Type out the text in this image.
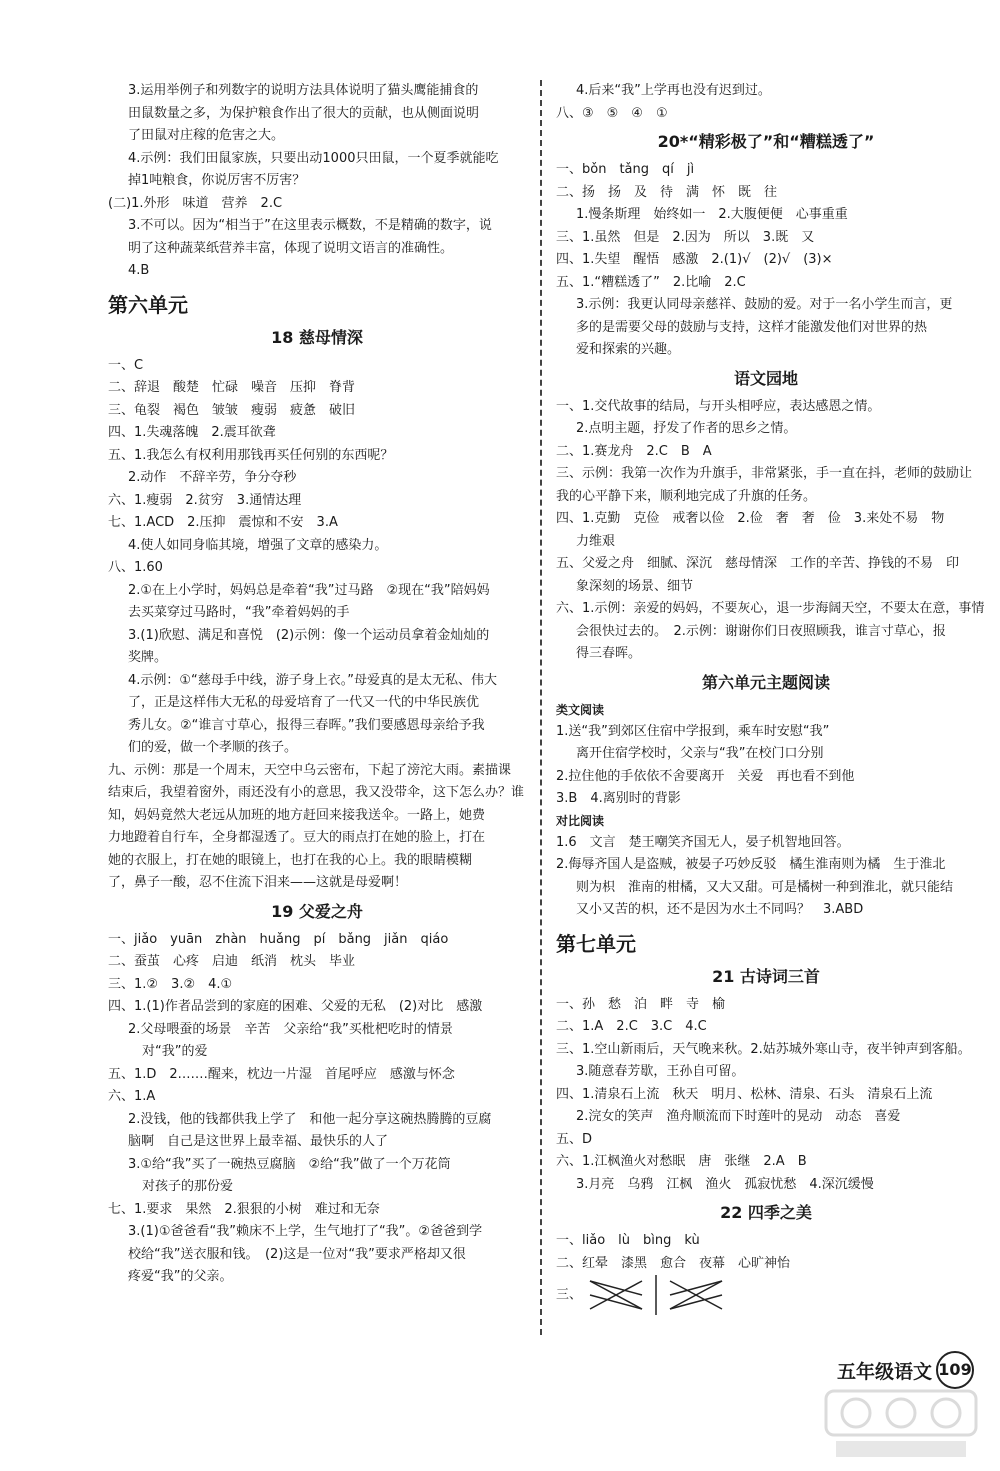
3.运用举例子和列数字的说明方法具体说明了猫头鹰能捕食的
田鼠数量之多，为保护粮食作出了很大的贡献，也从侧面说明
了田鼠对庄稼的危害之大。
4.示例：我们田鼠家族，只要出动1000只田鼠，一个夏季就能吃
掉1吨粮食，你说厉害不厉害？
(二)1.外形　味道　营养　2.C
3.不可以。因为“相当于”在这里表示概数，不是精确的数字，说
明了这种蔬菜纸营养丰富，体现了说明文语言的准确性。
4.B
第六单元
18 慈母情深
一、C
二、辞退　酸楚　忙碌　噪音　压抑　脊背
三、龟裂　褐色　皱皱　瘦弱　疲惫　破旧
四、1.失魂落魄　2.震耳欲聋
五、1.我怎么有权利用那钱再买任何别的东西呢？
2.动作　不辞辛劳，争分夺秒
六、1.瘦弱　2.贫穷　3.通情达理
七、1.ACD　2.压抑　震惊和不安　3.A
4.使人如同身临其境，增强了文章的感染力。
八、1.60
2.①在上小学时，妈妈总是牵着“我”过马路　②现在“我”陪妈妈
去买菜穿过马路时，“我”牵着妈妈的手
3.(1)欣慰、满足和喜悦　(2)示例：像一个运动员拿着金灿灿的
奖牌。
4.示例：①“慈母手中线，游子身上衣。”母爱真的是太无私、伟大
了，正是这样伟大无私的母爱培育了一代又一代的中华民族优
秀儿女。②“谁言寸草心，报得三春晖。”我们要感恩母亲给予我
们的爱，做一个孝顺的孩子。
九、示例：那是一个周末，天空中乌云密布，下起了滂沱大雨。素描课
结束后，我望着窗外，雨还没有小的意思，我又没带伞，这下怎么办？谁
知，妈妈竟然大老远从加班的地方赶回来接我送伞。一路上，她费
力地蹬着自行车，全身都湿透了。豆大的雨点打在她的脸上，打在
她的衣服上，打在她的眼镜上，也打在我的心上。我的眼睛模糊
了，鼻子一酸，忍不住流下泪来——这就是母爱啊！
19 父爱之舟
一、jiǎo　yuān　zhàn　huǎng　pí　bǎng　jiǎn　qiáo
二、蚕茧　心疼　启迪　纸消　枕头　毕业
三、1.②　3.②　4.①
四、1.(1)作者品尝到的家庭的困难、父爱的无私　(2)对比　感激
2.父母喂蚕的场景　辛苦　父亲给“我”买枇杷吃时的情景
对“我”的爱
五、1.D　2.……醒来，枕边一片湿　首尾呼应　感激与怀念
六、1.A
2.没钱，他的钱都供我上学了　和他一起分享这碗热腾腾的豆腐
脑啊　自己是这世界上最幸福、最快乐的人了
3.①给“我”买了一碗热豆腐脑　②给“我”做了一个万花筒
对孩子的那份爱
七、1.要求　果然　2.狠狠的小树　难过和无奈
3.(1)①爸爸看“我”赖床不上学，生气地打了“我”。②爸爸到学
校给“我”送衣服和钱。　(2)这是一位对“我”要求严格却又很
疼爱“我”的父亲。
4.后来“我”上学再也没有迟到过。
八、③　⑤　④　①
20*“精彩极了”和“糟糕透了”
一、bǒn　tǎng　qí　jì
二、扬　扬　及　待　满　怀　既　往
1.慢条斯理　始终如一　2.大腹便便　心事重重
三、1.虽然　但是　2.因为　所以　3.既　又
四、1.失望　醒悟　感激　2.(1)√　(2)√　(3)×
五、1.“糟糕透了”　2.比喻　2.C
3.示例：我更认同母亲慈祥、鼓励的爱。对于一名小学生而言，更
多的是需要父母的鼓励与支持，这样才能激发他们对世界的热
爱和探索的兴趣。
语文园地
一、1.交代故事的结局，与开头相呼应，表达感恩之情。
2.点明主题，抒发了作者的思乡之情。
二、1.赛龙舟　2.C　B　A
三、示例：我第一次作为升旗手，非常紧张，手一直在抖，老师的鼓励让
我的心平静下来，顺利地完成了升旗的任务。
四、1.克勤　克俭　戒奢以俭　2.俭　奢　奢　俭　3.来处不易　物
力维艰
五、父爱之舟　细腻、深沉　慈母情深　工作的辛苦、挣钱的不易　印
象深刻的场景、细节
六、1.示例：亲爱的妈妈，不要灰心，退一步海阔天空，不要太在意，事情
会很快过去的。　2.示例：谢谢你们日夜照顾我，谁言寸草心，报
得三春晖。
第六单元主题阅读
类文阅读
1.送“我”到郊区住宿中学报到，乘车时安慰“我”
离开住宿学校时，父亲与“我”在校门口分别
2.拉住他的手依依不舍要离开　关爱　再也看不到他
3.B　4.离别时的背影
对比阅读
1.6　文言　楚王嘲笑齐国无人，晏子机智地回答。
2.侮辱齐国人是盗贼，被晏子巧妙反驳　橘生淮南则为橘　生于淮北
则为枳　淮南的柑橘，又大又甜。可是橘树一种到淮北，就只能结
又小又苦的枳，还不是因为水土不同吗？　3.ABD
第七单元
21 古诗词三首
一、孙　愁　泊　畔　寺　榆
二、1.A　2.C　3.C　4.C
三、1.空山新雨后，天气晚来秋。2.姑苏城外寒山寺，夜半钟声到客船。
3.随意春芳歇，王孙自可留。
四、1.清泉石上流　秋天　明月、松林、清泉、石头　清泉石上流
2.浣女的笑声　渔舟顺流而下时莲叶的晃动　动态　喜爱
五、D
六、1.江枫渔火对愁眠　唐　张继　2.A　B
3.月亮　乌鸦　江枫　渔火　孤寂忧愁　4.深沉缓慢
22 四季之美
一、liǎo　lù　bìng　kù
二、红晕　漆黑　愈合　夜幕　心旷神怡
三、
五年级语文 109
